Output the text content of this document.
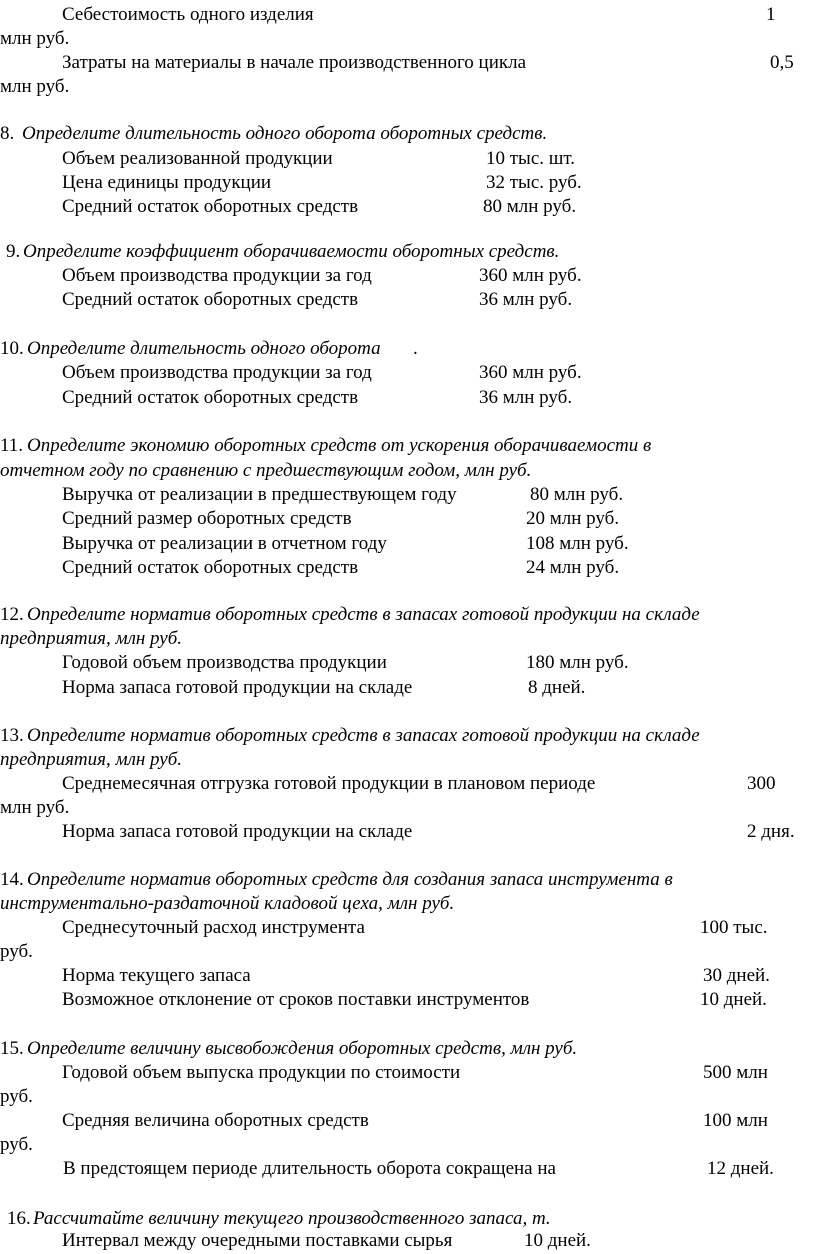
Себестоимость одного изделия	1
млн руб.
Затраты на материалы в начале производственного цикла	0,5
млн руб.
8. Определите длительность одного оборота оборотных средств.
Объем реализованной продукции	10 тыс. шт.
Цена единицы продукции	32 тыс. руб.
Средний остаток оборотных средств	80 млн руб.
9. Определите коэффициент оборачиваемости оборотных средств.
Объем производства продукции за год	360 млн руб.
Средний остаток оборотных средств	36 млн руб.
10. Определите длительность одного оборота .
Объем производства продукции за год	360 млн руб.
Средний остаток оборотных средств	36 млн руб.
11. Определите экономию оборотных средств от ускорения оборачиваемости в
отчетном году по сравнению с предшествующим годом, млн руб.
Выручка от реализации в предшествующем году	80 млн руб.
Средний размер оборотных средств	20 млн руб.
Выручка от реализации в отчетном году	108 млн руб.
Средний остаток оборотных средств	24 млн руб.
12. Определите норматив оборотных средств в запасах готовой продукции на складе
предприятия, млн руб.
Годовой объем производства продукции	180 млн руб.
Норма запаса готовой продукции на складе	8 дней.
13. Определите норматив оборотных средств в запасах готовой продукции на складе
предприятия, млн руб.
Среднемесячная отгрузка готовой продукции в плановом периоде	300
млн руб.
Норма запаса готовой продукции на складе	2 дня.
14. Определите норматив оборотных средств для создания запаса инструмента в
инструментально-раздаточной кладовой цеха, млн руб.
Среднесуточный расход инструмента	100 тыс.
руб.
Норма текущего запаса	30 дней.
Возможное отклонение от сроков поставки инструментов	10 дней.
15. Определите величину высвобождения оборотных средств, млн руб.
Годовой объем выпуска продукции по стоимости	500 млн
руб.
Средняя величина оборотных средств	100 млн
руб.
В предстоящем периоде длительность оборота сокращена на	12 дней.
16. Рассчитайте величину текущего производственного запаса, т.
Интервал между очередными поставками сырья	10 дней.
